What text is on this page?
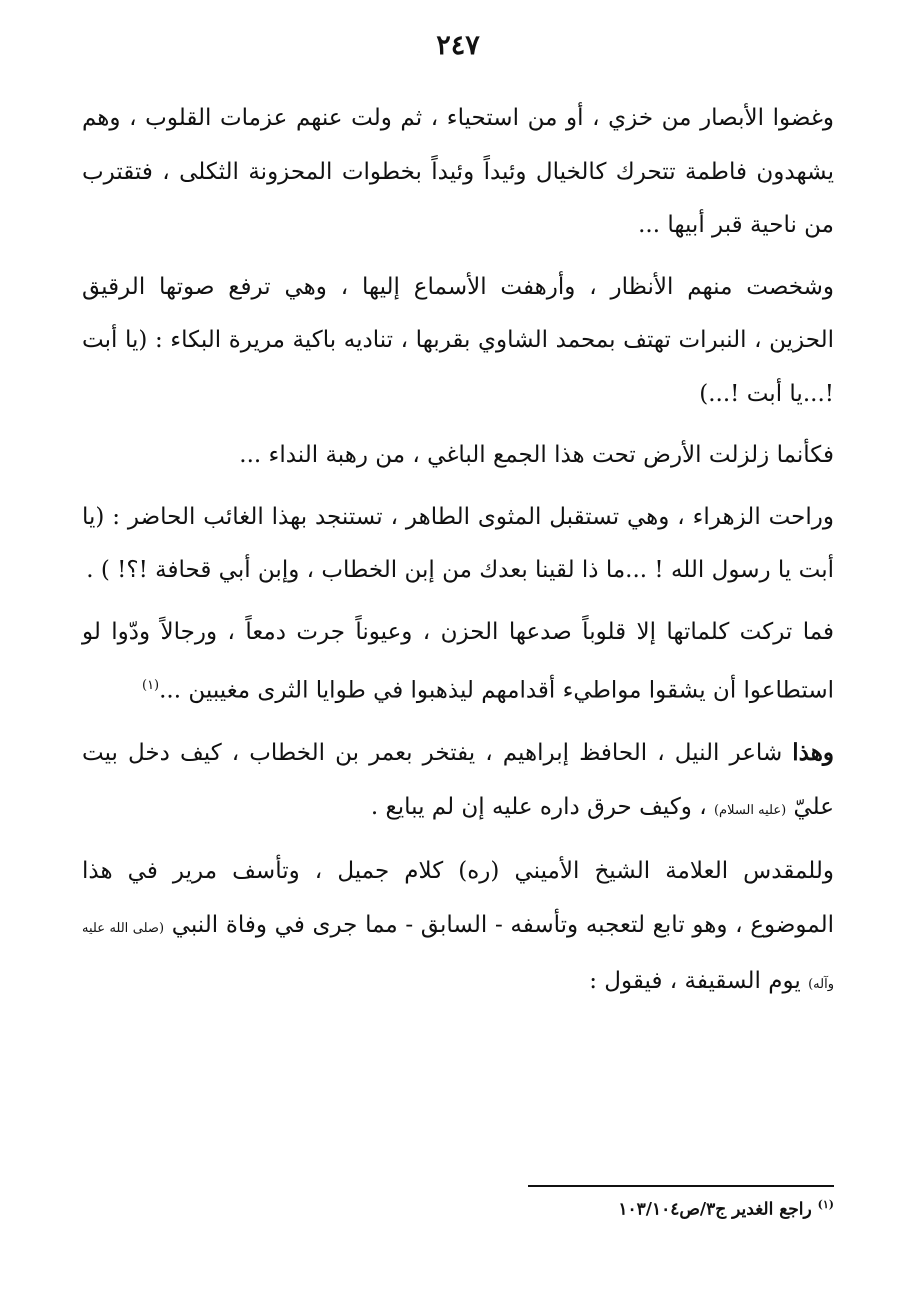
٢٤٧

وغضوا الأبصار من خزي ، أو من استحياء ، ثم ولت عنهم عزمات القلوب ، وهم يشهدون فاطمة تتحرك كالخيال وئيداً وئيداً بخطوات المحزونة الثكلى ، فتقترب من ناحية قبر أبيها ...

وشخصت منهم الأنظار ، وأرهفت الأسماع إليها ، وهي ترفع صوتها الرقيق الحزين ، النبرات تهتف بمحمد الشاوي بقربها ، تناديه باكية مريرة البكاء : (يا أبت !...يا أبت !...)

فكأنما زلزلت الأرض تحت هذا الجمع الباغي ، من رهبة النداء ...

وراحت الزهراء ، وهي تستقبل المثوى الطاهر ، تستنجد بهذا الغائب الحاضر : (يا أبت يا رسول الله ! ...ما ذا لقينا بعدك من إبن الخطاب ، وإبن أبي قحافة !؟! ) .

فما تركت كلماتها إلا قلوباً صدعها الحزن ، وعيوناً جرت دمعاً ، ورجالاً ودّوا لو استطاعوا أن يشقوا مواطيء أقدامهم ليذهبوا في طوايا الثرى مغيبين ...$^{(١)}$

وهذا شاعر النيل ، الحافظ إبراهيم ، يفتخر بعمر بن الخطاب ، كيف دخل بيت عليّ (عليه السلام) ، وكيف حرق داره عليه إن لم يبايع .

وللمقدس العلامة الشيخ الأميني (ره) كلام جميل ، وتأسف مرير في هذا الموضوع ، وهو تابع لتعجبه وتأسفه - السابق - مما جرى في وفاة النبي (صلى الله عليه وآله) يوم السقيفة ، فيقول :

$^{(١)}$ راجع الغدير ج٣/ص١٠٣/١٠٤
